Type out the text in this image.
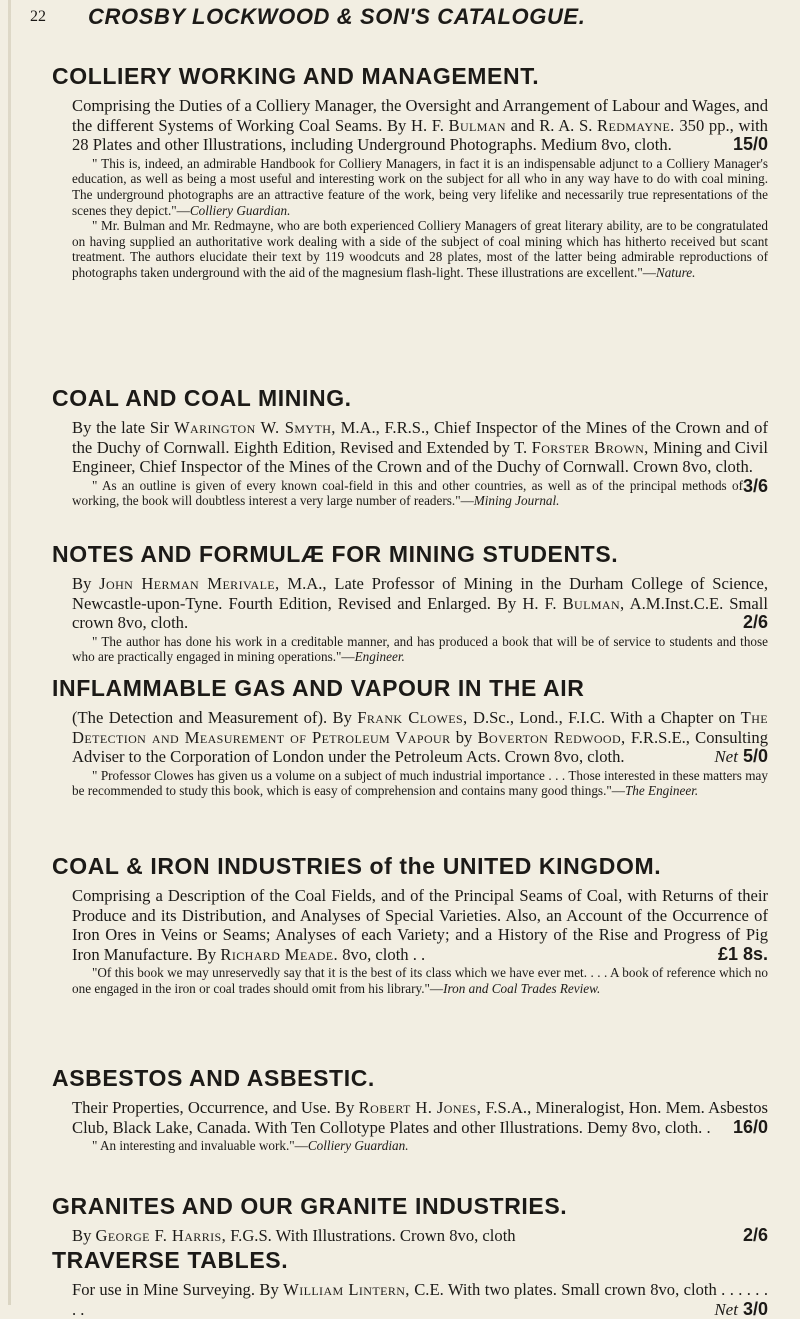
22 CROSBY LOCKWOOD & SON'S CATALOGUE.
COLLIERY WORKING AND MANAGEMENT.
Comprising the Duties of a Colliery Manager, the Oversight and Arrangement of Labour and Wages, and the different Systems of Working Coal Seams. By H. F. Bulman and R. A. S. Redmayne. 350 pp., with 28 Plates and other Illustrations, including Underground Photographs. Medium 8vo, cloth.	15/0

" This is, indeed, an admirable Handbook for Colliery Managers, in fact it is an indispensable adjunct to a Colliery Manager's education, as well as being a most useful and interesting work on the subject for all who in any way have to do with coal mining. The underground photographs are an attractive feature of the work, being very lifelike and necessarily true representations of the scenes they depict."—Colliery Guardian.

" Mr. Bulman and Mr. Redmayne, who are both experienced Colliery Managers of great literary ability, are to be congratulated on having supplied an authoritative work dealing with a side of the subject of coal mining which has hitherto received but scant treatment. The authors elucidate their text by 119 woodcuts and 28 plates, most of the latter being admirable reproductions of photographs taken underground with the aid of the magnesium flash-light. These illustrations are excellent."—Nature.

COAL AND COAL MINING.
By the late Sir Warington W. Smyth, M.A., F.R.S., Chief Inspector of the Mines of the Crown and of the Duchy of Cornwall. Eighth Edition, Revised and Extended by T. Forster Brown, Mining and Civil Engineer, Chief Inspector of the Mines of the Crown and of the Duchy of Cornwall. Crown 8vo, cloth.
3/6

" As an outline is given of every known coal-field in this and other countries, as well as of the principal methods of working, the book will doubtless interest a very large number of readers."—Mining Journal.

NOTES AND FORMULÆ FOR MINING STUDENTS.
By John Herman Merivale, M.A., Late Professor of Mining in the Durham College of Science, Newcastle-upon-Tyne. Fourth Edition, Revised and Enlarged. By H. F. Bulman, A.M.Inst.C.E. Small crown 8vo, cloth.	2/6

" The author has done his work in a creditable manner, and has produced a book that will be of service to students and those who are practically engaged in mining operations."—Engineer.

INFLAMMABLE GAS AND VAPOUR IN THE AIR
(The Detection and Measurement of). By Frank Clowes, D.Sc., Lond., F.I.C. With a Chapter on The Detection and Measurement of Petroleum Vapour by Boverton Redwood, F.R.S.E., Consulting Adviser to the Corporation of London under the Petroleum Acts. Crown 8vo, cloth.	Net 5/0

" Professor Clowes has given us a volume on a subject of much industrial importance . . . Those interested in these matters may be recommended to study this book, which is easy of comprehension and contains many good things."—The Engineer.

COAL & IRON INDUSTRIES of the UNITED KINGDOM.
Comprising a Description of the Coal Fields, and of the Principal Seams of Coal, with Returns of their Produce and its Distribution, and Analyses of Special Varieties. Also, an Account of the Occurrence of Iron Ores in Veins or Seams; Analyses of each Variety; and a History of the Rise and Progress of Pig Iron Manufacture. By Richard Meade. 8vo, cloth . .	£1 8s.

"Of this book we may unreservedly say that it is the best of its class which we have ever met. . . . A book of reference which no one engaged in the iron or coal trades should omit from his library."—Iron and Coal Trades Review.

ASBESTOS AND ASBESTIC.
Their Properties, Occurrence, and Use. By Robert H. Jones, F.S.A., Mineralogist, Hon. Mem. Asbestos Club, Black Lake, Canada. With Ten Collotype Plates and other Illustrations. Demy 8vo, cloth. . 16/0

" An interesting and invaluable work."—Colliery Guardian.

GRANITES AND OUR GRANITE INDUSTRIES.
By George F. Harris, F.G.S. With Illustrations. Crown 8vo, cloth	2/6
TRAVERSE TABLES.
For use in Mine Surveying. By William Lintern, C.E. With two plates. Small crown 8vo, cloth . . . . . . . .	Net 3/0
